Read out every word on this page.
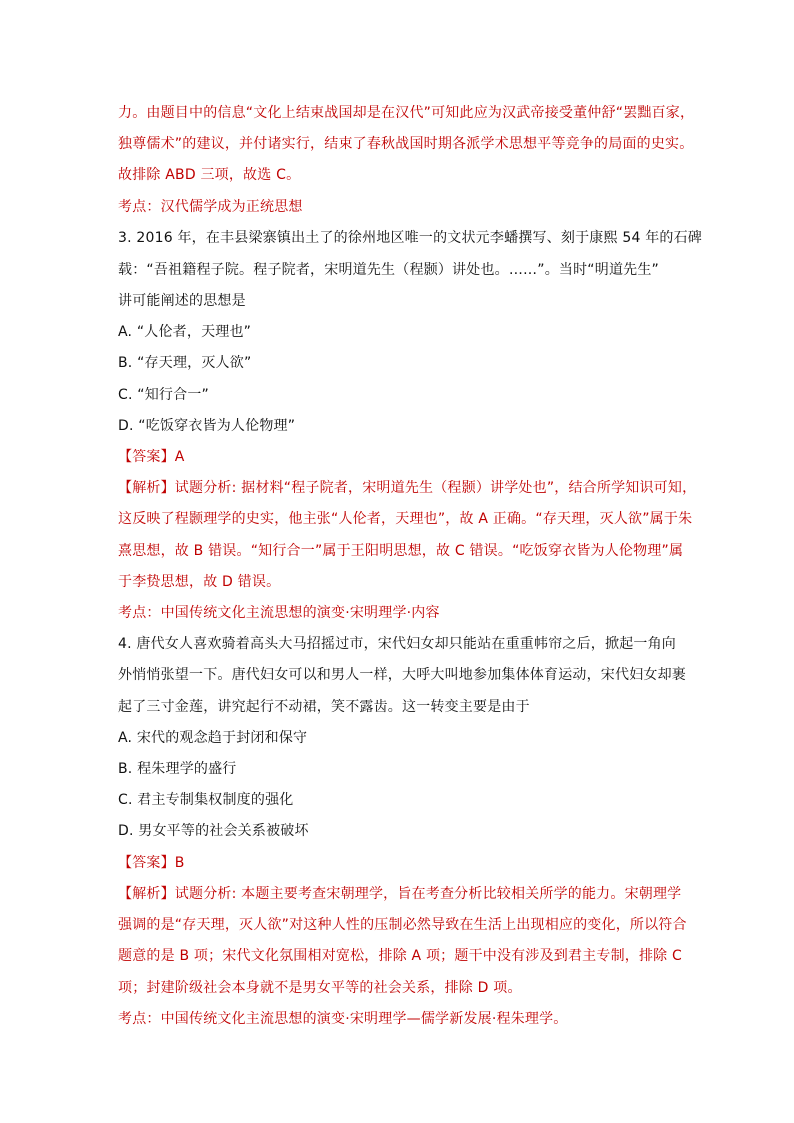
力。由题目中的信息“文化上结束战国却是在汉代”可知此应为汉武帝接受董仲舒“罢黜百家，
独尊儒术”的建议，并付诸实行，结束了春秋战国时期各派学术思想平等竞争的局面的史实。
故排除 ABD 三项，故选 C。
考点：汉代儒学成为正统思想
3. 2016 年，在丰县梁寨镇出土了的徐州地区唯一的文状元李蟠撰写、刻于康熙 54 年的石碑
载：“吾祖籍程子院。程子院者，宋明道先生（程颢）讲处也。……”。当时“明道先生”
讲可能阐述的思想是
A. “人伦者，天理也”
B. “存天理，灭人欲”
C. “知行合一”
D. “吃饭穿衣皆为人伦物理”
【答案】A
【解析】试题分析: 据材料“程子院者，宋明道先生（程颢）讲学处也”，结合所学知识可知，
这反映了程颢理学的史实，他主张“人伦者，天理也”，故 A 正确。“存天理，灭人欲”属于朱
熹思想，故 B 错误。“知行合一”属于王阳明思想，故 C 错误。“吃饭穿衣皆为人伦物理”属
于李贽思想，故 D 错误。
考点：中国传统文化主流思想的演变·宋明理学·内容
4. 唐代女人喜欢骑着高头大马招摇过市，宋代妇女却只能站在重重帏帘之后，掀起一角向
外悄悄张望一下。唐代妇女可以和男人一样，大呼大叫地参加集体体育运动，宋代妇女却裹
起了三寸金莲，讲究起行不动裙，笑不露齿。这一转变主要是由于
A. 宋代的观念趋于封闭和保守
B. 程朱理学的盛行
C. 君主专制集权制度的强化
D. 男女平等的社会关系被破坏
【答案】B
【解析】试题分析: 本题主要考查宋朝理学，旨在考查分析比较相关所学的能力。宋朝理学
强调的是“存天理，灭人欲”对这种人性的压制必然导致在生活上出现相应的变化，所以符合
题意的是 B 项；宋代文化氛围相对宽松，排除 A 项；题干中没有涉及到君主专制，排除 C
项；封建阶级社会本身就不是男女平等的社会关系，排除 D 项。
考点：中国传统文化主流思想的演变·宋明理学—儒学新发展·程朱理学。
